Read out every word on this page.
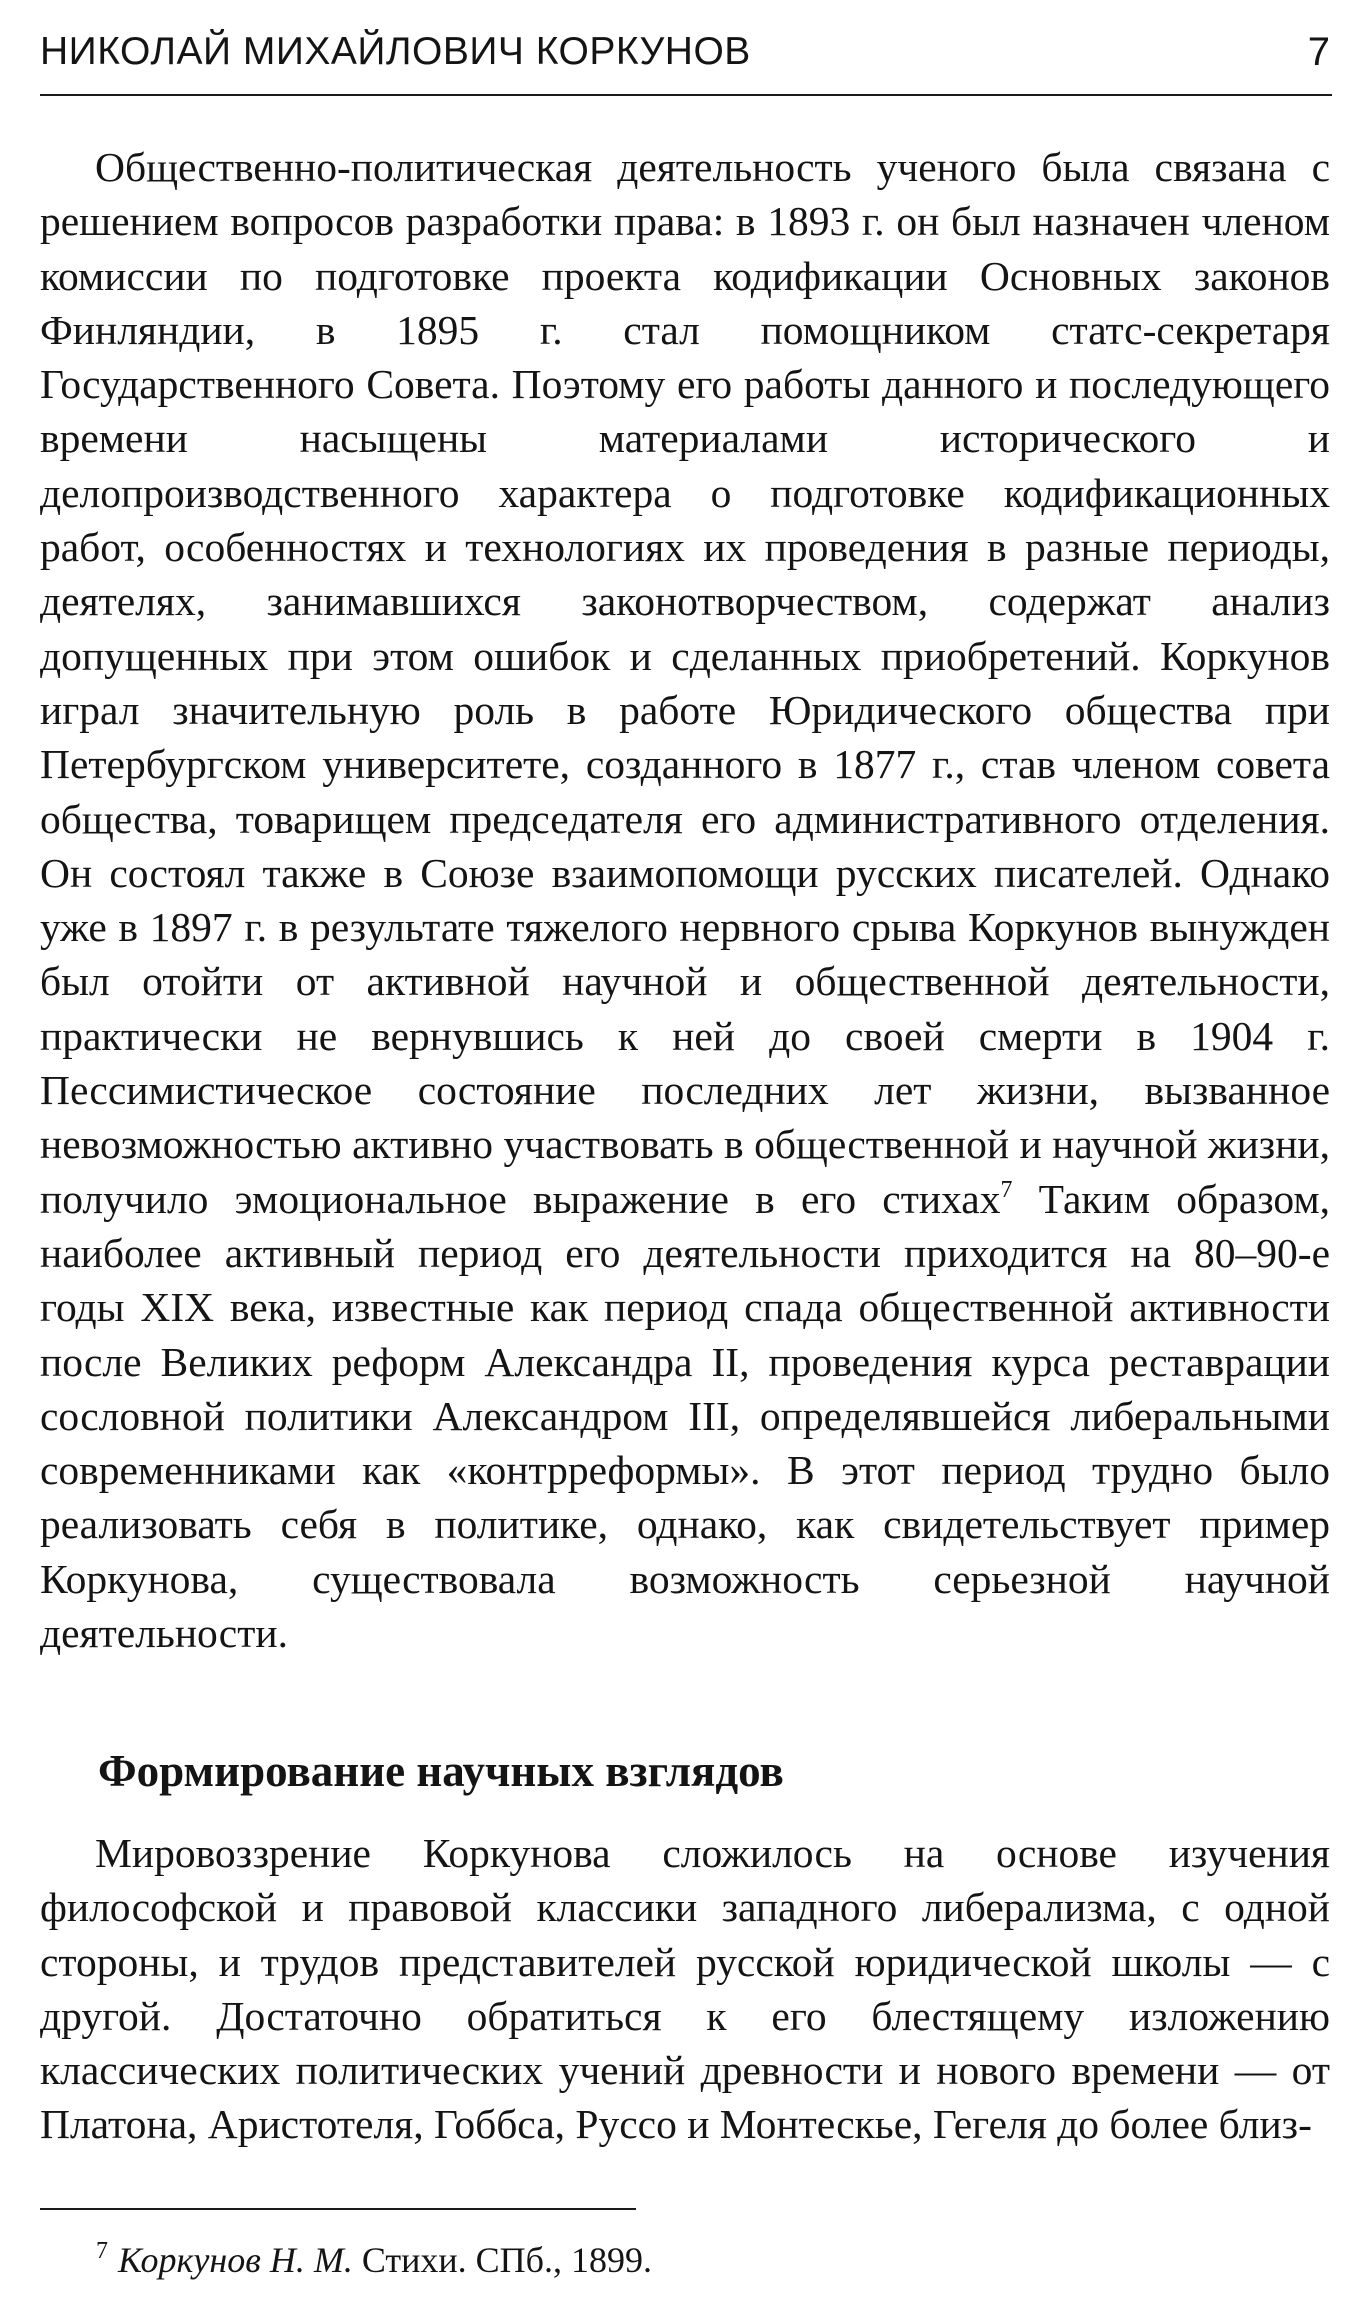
НИКОЛАЙ МИХАЙЛОВИЧ КОРКУНОВ	7

Общественно-политическая деятельность ученого была связана с решением вопросов разработки права: в 1893 г. он был назначен членом комиссии по подготовке проекта кодификации Основных законов Финляндии, в 1895 г. стал помощником статс-секретаря Государственного Совета. Поэтому его работы данного и последующего времени насыщены материалами исторического и делопроизводственного характера о подготовке кодификационных работ, особенностях и технологиях их проведения в разные периоды, деятелях, занимавшихся законотворчеством, содержат анализ допущенных при этом ошибок и сделанных приобретений. Коркунов играл значительную роль в работе Юридического общества при Петербургском университете, созданного в 1877 г., став членом совета общества, товарищем председателя его административного отделения. Он состоял также в Союзе взаимопомощи русских писателей. Однако уже в 1897 г. в результате тяжелого нервного срыва Коркунов вынужден был отойти от активной научной и общественной деятельности, практически не вернувшись к ней до своей смерти в 1904 г. Пессимистическое состояние последних лет жизни, вызванное невозможностью активно участвовать в общественной и научной жизни, получило эмоциональное выражение в его стихах$^7$ Таким образом, наиболее активный период его деятельности приходится на 80–90-е годы XIX века, известные как период спада общественной активности после Великих реформ Александра II, проведения курса реставрации сословной политики Александром III, определявшейся либеральными современниками как «контрреформы». В этот период трудно было реализовать себя в политике, однако, как свидетельствует пример Коркунова, существовала возможность серьезной научной деятельности.

Формирование научных взглядов

Мировоззрение Коркунова сложилось на основе изучения философской и правовой классики западного либерализма, с одной стороны, и трудов представителей русской юридической школы — с другой. Достаточно обратиться к его блестящему изложению классических политических учений древности и нового времени — от Платона, Аристотеля, Гоббса, Руссо и Монтескье, Гегеля до более близ-

$^7$ Коркунов Н. М. Стихи. СПб., 1899.
